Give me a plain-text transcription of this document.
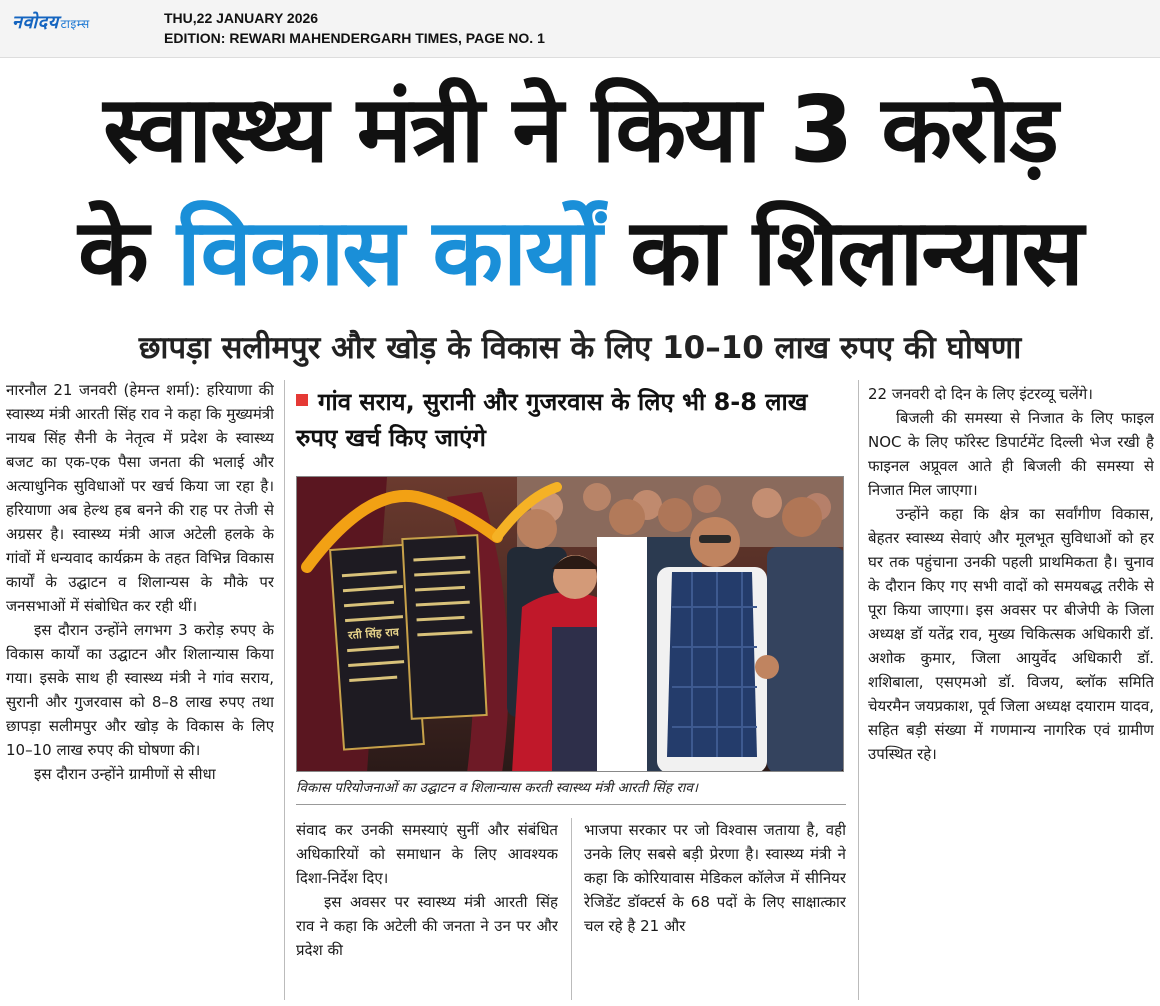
नवोदय टाइम्स	THU,22 JANUARY 2026
EDITION: REWARI MAHENDERGARH TIMES, PAGE NO. 1
स्वास्थ्य मंत्री ने किया 3 करोड़
के विकास कार्यों का शिलान्यास
छापड़ा सलीमपुर और खोड़ के विकास के लिए 10–10 लाख रुपए की घोषणा

नारनौल 21 जनवरी (हेमन्त शर्मा): हरियाणा की स्वास्थ्य मंत्री आरती सिंह राव ने कहा कि मुख्यमंत्री नायब सिंह सैनी के नेतृत्व में प्रदेश के स्वास्थ्य बजट का एक-एक पैसा जनता की भलाई और अत्याधुनिक सुविधाओं पर खर्च किया जा रहा है। हरियाणा अब हेल्थ हब बनने की राह पर तेजी से अग्रसर है। स्वास्थ्य मंत्री आज अटेली हलके के गांवों में धन्यवाद कार्यक्रम के तहत विभिन्न विकास कार्यों के उद्घाटन व शिलान्यस के मौके पर जनसभाओं में संबोधित कर रही थीं।

इस दौरान उन्होंने लगभग 3 करोड़ रुपए के विकास कार्यों का उद्घाटन और शिलान्यास किया गया। इसके साथ ही स्वास्थ्य मंत्री ने गांव सराय, सुरानी और गुजरवास को 8–8 लाख रुपए तथा छापड़ा सलीमपुर और खोड़ के विकास के लिए 10–10 लाख रुपए की घोषणा की।

इस दौरान उन्होंने ग्रामीणों से सीधा

गांव सराय, सुरानी और गुजरवास के लिए भी 8-8 लाख रुपए खर्च किए जाएंगे
रती सिंह राव
विकास परियोजनाओं का उद्घाटन व शिलान्यास करती स्वास्थ्य मंत्री आरती सिंह राव।

संवाद कर उनकी समस्याएं सुनीं और संबंधित अधिकारियों को समाधान के लिए आवश्यक दिशा-निर्देश दिए।

इस अवसर पर स्वास्थ्य मंत्री आरती सिंह राव ने कहा कि अटेली की जनता ने उन पर और प्रदेश की

भाजपा सरकार पर जो विश्वास जताया है, वही उनके लिए सबसे बड़ी प्रेरणा है। स्वास्थ्य मंत्री ने कहा कि कोरियावास मेडिकल कॉलेज में सीनियर रेजिडेंट डॉक्टर्स के 68 पदों के लिए साक्षात्कार चल रहे है 21 और

22 जनवरी दो दिन के लिए इंटरव्यू चलेंगे।

बिजली की समस्या से निजात के लिए फाइल NOC के लिए फॉरेस्ट डिपार्टमेंट दिल्ली भेज रखी है फाइनल अप्रूवल आते ही बिजली की समस्या से निजात मिल जाएगा।

उन्होंने कहा कि क्षेत्र का सर्वांगीण विकास, बेहतर स्वास्थ्य सेवाएं और मूलभूत सुविधाओं को हर घर तक पहुंचाना उनकी पहली प्राथमिकता है। चुनाव के दौरान किए गए सभी वादों को समयबद्ध तरीके से पूरा किया जाएगा। इस अवसर पर बीजेपी के जिला अध्यक्ष डॉ यतेंद्र राव, मुख्य चिकित्सक अधिकारी डॉ. अशोक कुमार, जिला आयुर्वेद अधिकारी डॉ. शशिबाला, एसएमओ डॉ. विजय, ब्लॉक समिति चेयरमैन जयप्रकाश, पूर्व जिला अध्यक्ष दयाराम यादव, सहित बड़ी संख्या में गणमान्य नागरिक एवं ग्रामीण उपस्थित रहे।
